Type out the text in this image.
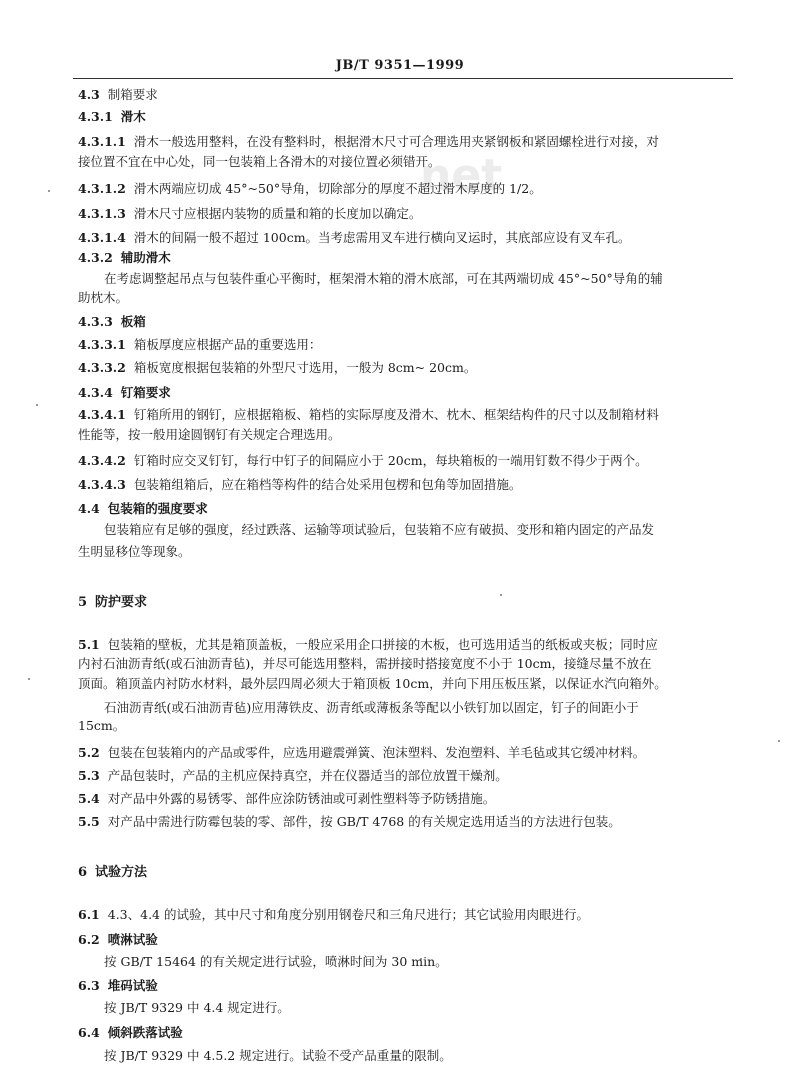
JB/T 9351—1999
net
4.3 制箱要求
4.3.1 滑木
4.3.1.1 滑木一般选用整料，在没有整料时，根据滑木尺寸可合理选用夹紧钢板和紧固螺栓进行对接，对
接位置不宜在中心处，同一包装箱上各滑木的对接位置必须错开。
4.3.1.2 滑木两端应切成 45°~50°导角，切除部分的厚度不超过滑木厚度的 1/2。
4.3.1.3 滑木尺寸应根据内装物的质量和箱的长度加以确定。
4.3.1.4 滑木的间隔一般不超过 100cm。当考虑需用叉车进行横向叉运时，其底部应设有叉车孔。
4.3.2 辅助滑木
在考虑调整起吊点与包装件重心平衡时，框架滑木箱的滑木底部，可在其两端切成 45°~50°导角的辅
助枕木。
4.3.3 板箱
4.3.3.1 箱板厚度应根据产品的重要选用：
4.3.3.2 箱板宽度根据包装箱的外型尺寸选用，一般为 8cm~ 20cm。
4.3.4 钉箱要求
4.3.4.1 钉箱所用的钢钉，应根据箱板、箱档的实际厚度及滑木、枕木、框架结构件的尺寸以及制箱材料
性能等，按一般用途圆钢钉有关规定合理选用。
4.3.4.2 钉箱时应交叉钉钉，每行中钉子的间隔应小于 20cm，每块箱板的一端用钉数不得少于两个。
4.3.4.3 包装箱组箱后，应在箱档等构件的结合处采用包楞和包角等加固措施。
4.4 包装箱的强度要求
包装箱应有足够的强度，经过跌落、运输等项试验后，包装箱不应有破损、变形和箱内固定的产品发
生明显移位等现象。
5 防护要求
5.1 包装箱的壁板，尤其是箱顶盖板，一般应采用企口拼接的木板，也可选用适当的纸板或夹板；同时应
内衬石油沥青纸(或石油沥青毡)，并尽可能选用整料，需拼接时搭接宽度不小于 10cm，接缝尽量不放在
顶面。箱顶盖内衬防水材料，最外层四周必须大于箱顶板 10cm，并向下用压板压紧，以保证水汽向箱外。
石油沥青纸(或石油沥青毡)应用薄铁皮、沥青纸或薄板条等配以小铁钉加以固定，钉子的间距小于
15cm。
5.2 包装在包装箱内的产品或零件，应选用避震弹簧、泡沫塑料、发泡塑料、羊毛毡或其它缓冲材料。
5.3 产品包装时，产品的主机应保持真空，并在仪器适当的部位放置干燥剂。
5.4 对产品中外露的易锈零、部件应涂防锈油或可剥性塑料等予防锈措施。
5.5 对产品中需进行防霉包装的零、部件，按 GB/T 4768 的有关规定选用适当的方法进行包装。
6 试验方法
6.1 4.3、4.4 的试验，其中尺寸和角度分别用钢卷尺和三角尺进行；其它试验用肉眼进行。
6.2 喷淋试验
按 GB/T 15464 的有关规定进行试验，喷淋时间为 30 min。
6.3 堆码试验
按 JB/T 9329 中 4.4 规定进行。
6.4 倾斜跌落试验
按 JB/T 9329 中 4.5.2 规定进行。试验不受产品重量的限制。
